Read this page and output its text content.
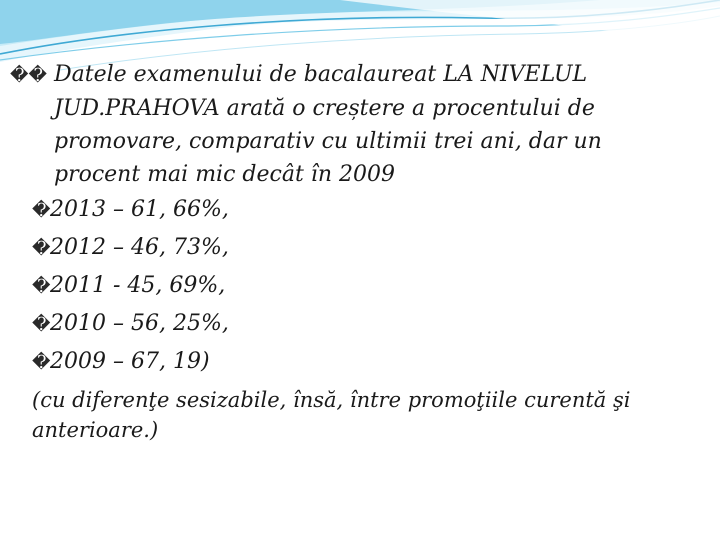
�� Datele examenului de bacalaureat LA NIVELUL JUD.PRAHOVA arată o creștere a procentului de promovare, comparativ cu ultimii trei ani, dar un procent mai mic decât în 2009
� 2013 – 61, 66%,
� 2012 – 46, 73%,
� 2011 - 45, 69%,
� 2010 – 56, 25%,
� 2009 – 67, 19)
(cu diferenţe sesizabile, însă, între promoţiile curentă şi anterioare.)
